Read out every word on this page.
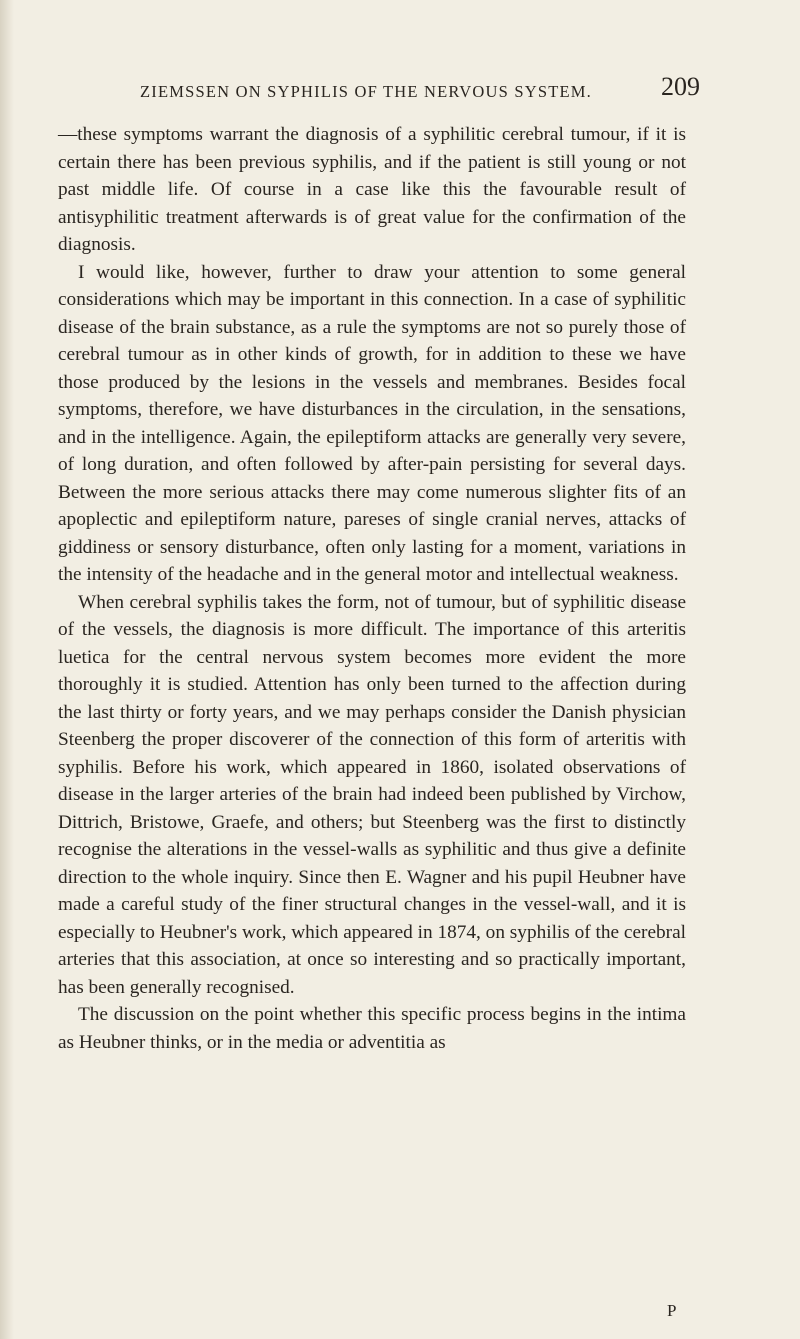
ZIEMSSEN ON SYPHILIS OF THE NERVOUS SYSTEM.	209

—these symptoms warrant the diagnosis of a syphilitic cerebral tumour, if it is certain there has been previous syphilis, and if the patient is still young or not past middle life. Of course in a case like this the favourable result of antisyphilitic treatment afterwards is of great value for the confirmation of the diagnosis.

I would like, however, further to draw your attention to some general considerations which may be important in this connection. In a case of syphilitic disease of the brain substance, as a rule the symptoms are not so purely those of cerebral tumour as in other kinds of growth, for in addition to these we have those produced by the lesions in the vessels and membranes. Besides focal symptoms, therefore, we have disturbances in the circulation, in the sensations, and in the intelligence. Again, the epileptiform attacks are generally very severe, of long duration, and often followed by after-pain persisting for several days. Between the more serious attacks there may come numerous slighter fits of an apoplectic and epileptiform nature, pareses of single cranial nerves, attacks of giddiness or sensory disturbance, often only lasting for a moment, variations in the intensity of the headache and in the general motor and intellectual weakness.

When cerebral syphilis takes the form, not of tumour, but of syphilitic disease of the vessels, the diagnosis is more difficult. The importance of this arteritis luetica for the central nervous system becomes more evident the more thoroughly it is studied. Attention has only been turned to the affection during the last thirty or forty years, and we may perhaps consider the Danish physician Steenberg the proper discoverer of the connection of this form of arteritis with syphilis. Before his work, which appeared in 1860, isolated observations of disease in the larger arteries of the brain had indeed been published by Virchow, Dittrich, Bristowe, Graefe, and others; but Steenberg was the first to distinctly recognise the alterations in the vessel-walls as syphilitic and thus give a definite direction to the whole inquiry. Since then E. Wagner and his pupil Heubner have made a careful study of the finer structural changes in the vessel-wall, and it is especially to Heubner's work, which appeared in 1874, on syphilis of the cerebral arteries that this association, at once so interesting and so practically important, has been generally recognised.

The discussion on the point whether this specific process begins in the intima as Heubner thinks, or in the media or adventitia as

P
